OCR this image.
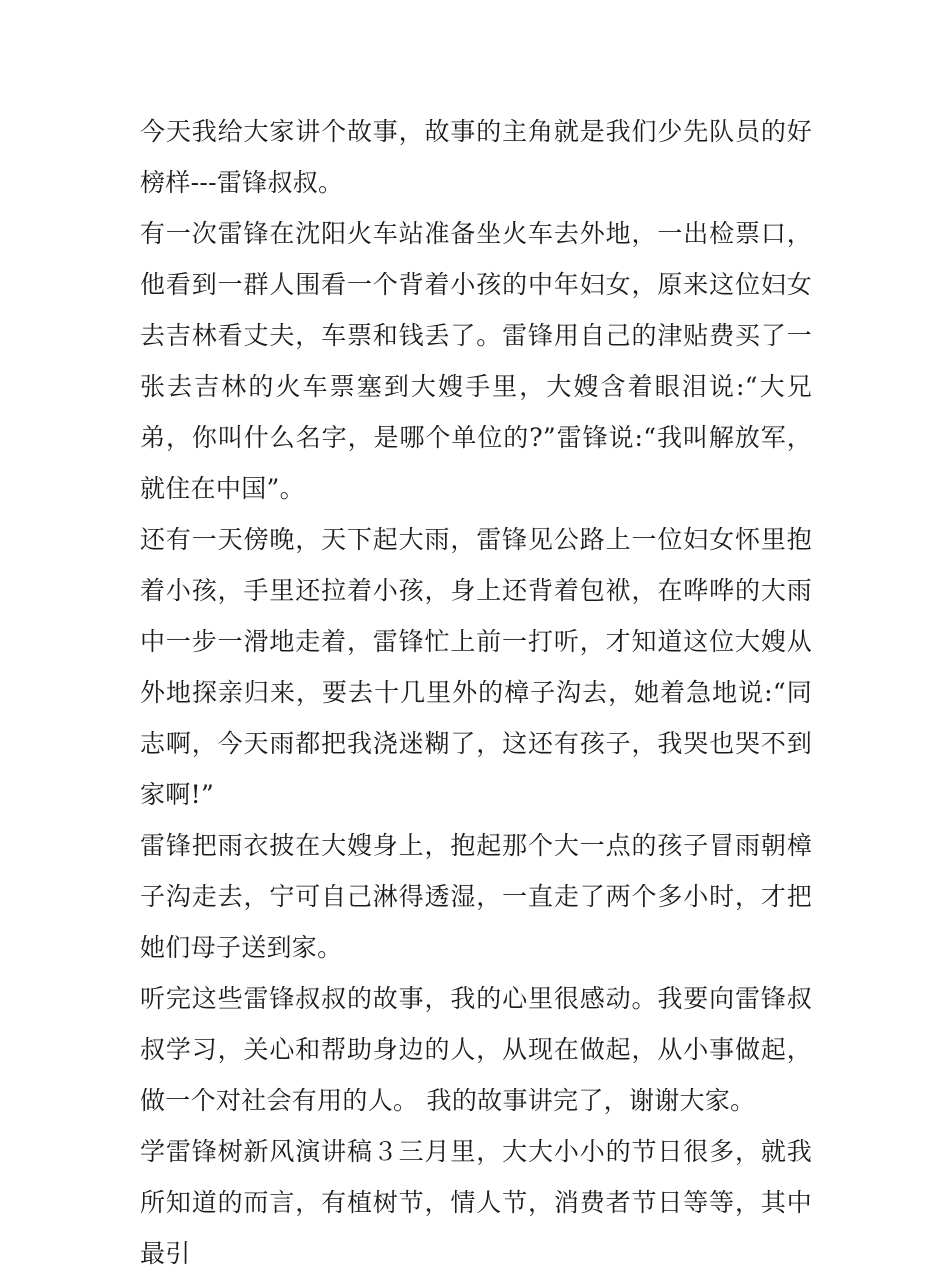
今天我给大家讲个故事，故事的主角就是我们少先队员的好榜样---雷锋叔叔。

有一次雷锋在沈阳火车站准备坐火车去外地，一出检票口，他看到一群人围看一个背着小孩的中年妇女，原来这位妇女去吉林看丈夫，车票和钱丢了。雷锋用自己的津贴费买了一张去吉林的火车票塞到大嫂手里，大嫂含着眼泪说:“大兄弟，你叫什么名字，是哪个单位的?”雷锋说:“我叫解放军，就住在中国”。

还有一天傍晚，天下起大雨，雷锋见公路上一位妇女怀里抱着小孩，手里还拉着小孩，身上还背着包袱，在哗哗的大雨中一步一滑地走着，雷锋忙上前一打听，才知道这位大嫂从外地探亲归来，要去十几里外的樟子沟去，她着急地说:“同志啊，今天雨都把我浇迷糊了，这还有孩子，我哭也哭不到家啊!”

雷锋把雨衣披在大嫂身上，抱起那个大一点的孩子冒雨朝樟子沟走去，宁可自己淋得透湿，一直走了两个多小时，才把她们母子送到家。

听完这些雷锋叔叔的故事，我的心里很感动。我要向雷锋叔叔学习，关心和帮助身边的人，从现在做起，从小事做起，做一个对社会有用的人。 我的故事讲完了，谢谢大家。

学雷锋树新风演讲稿３三月里，大大小小的节日很多，就我所知道的而言，有植树节，情人节，消费者节日等等，其中最引
